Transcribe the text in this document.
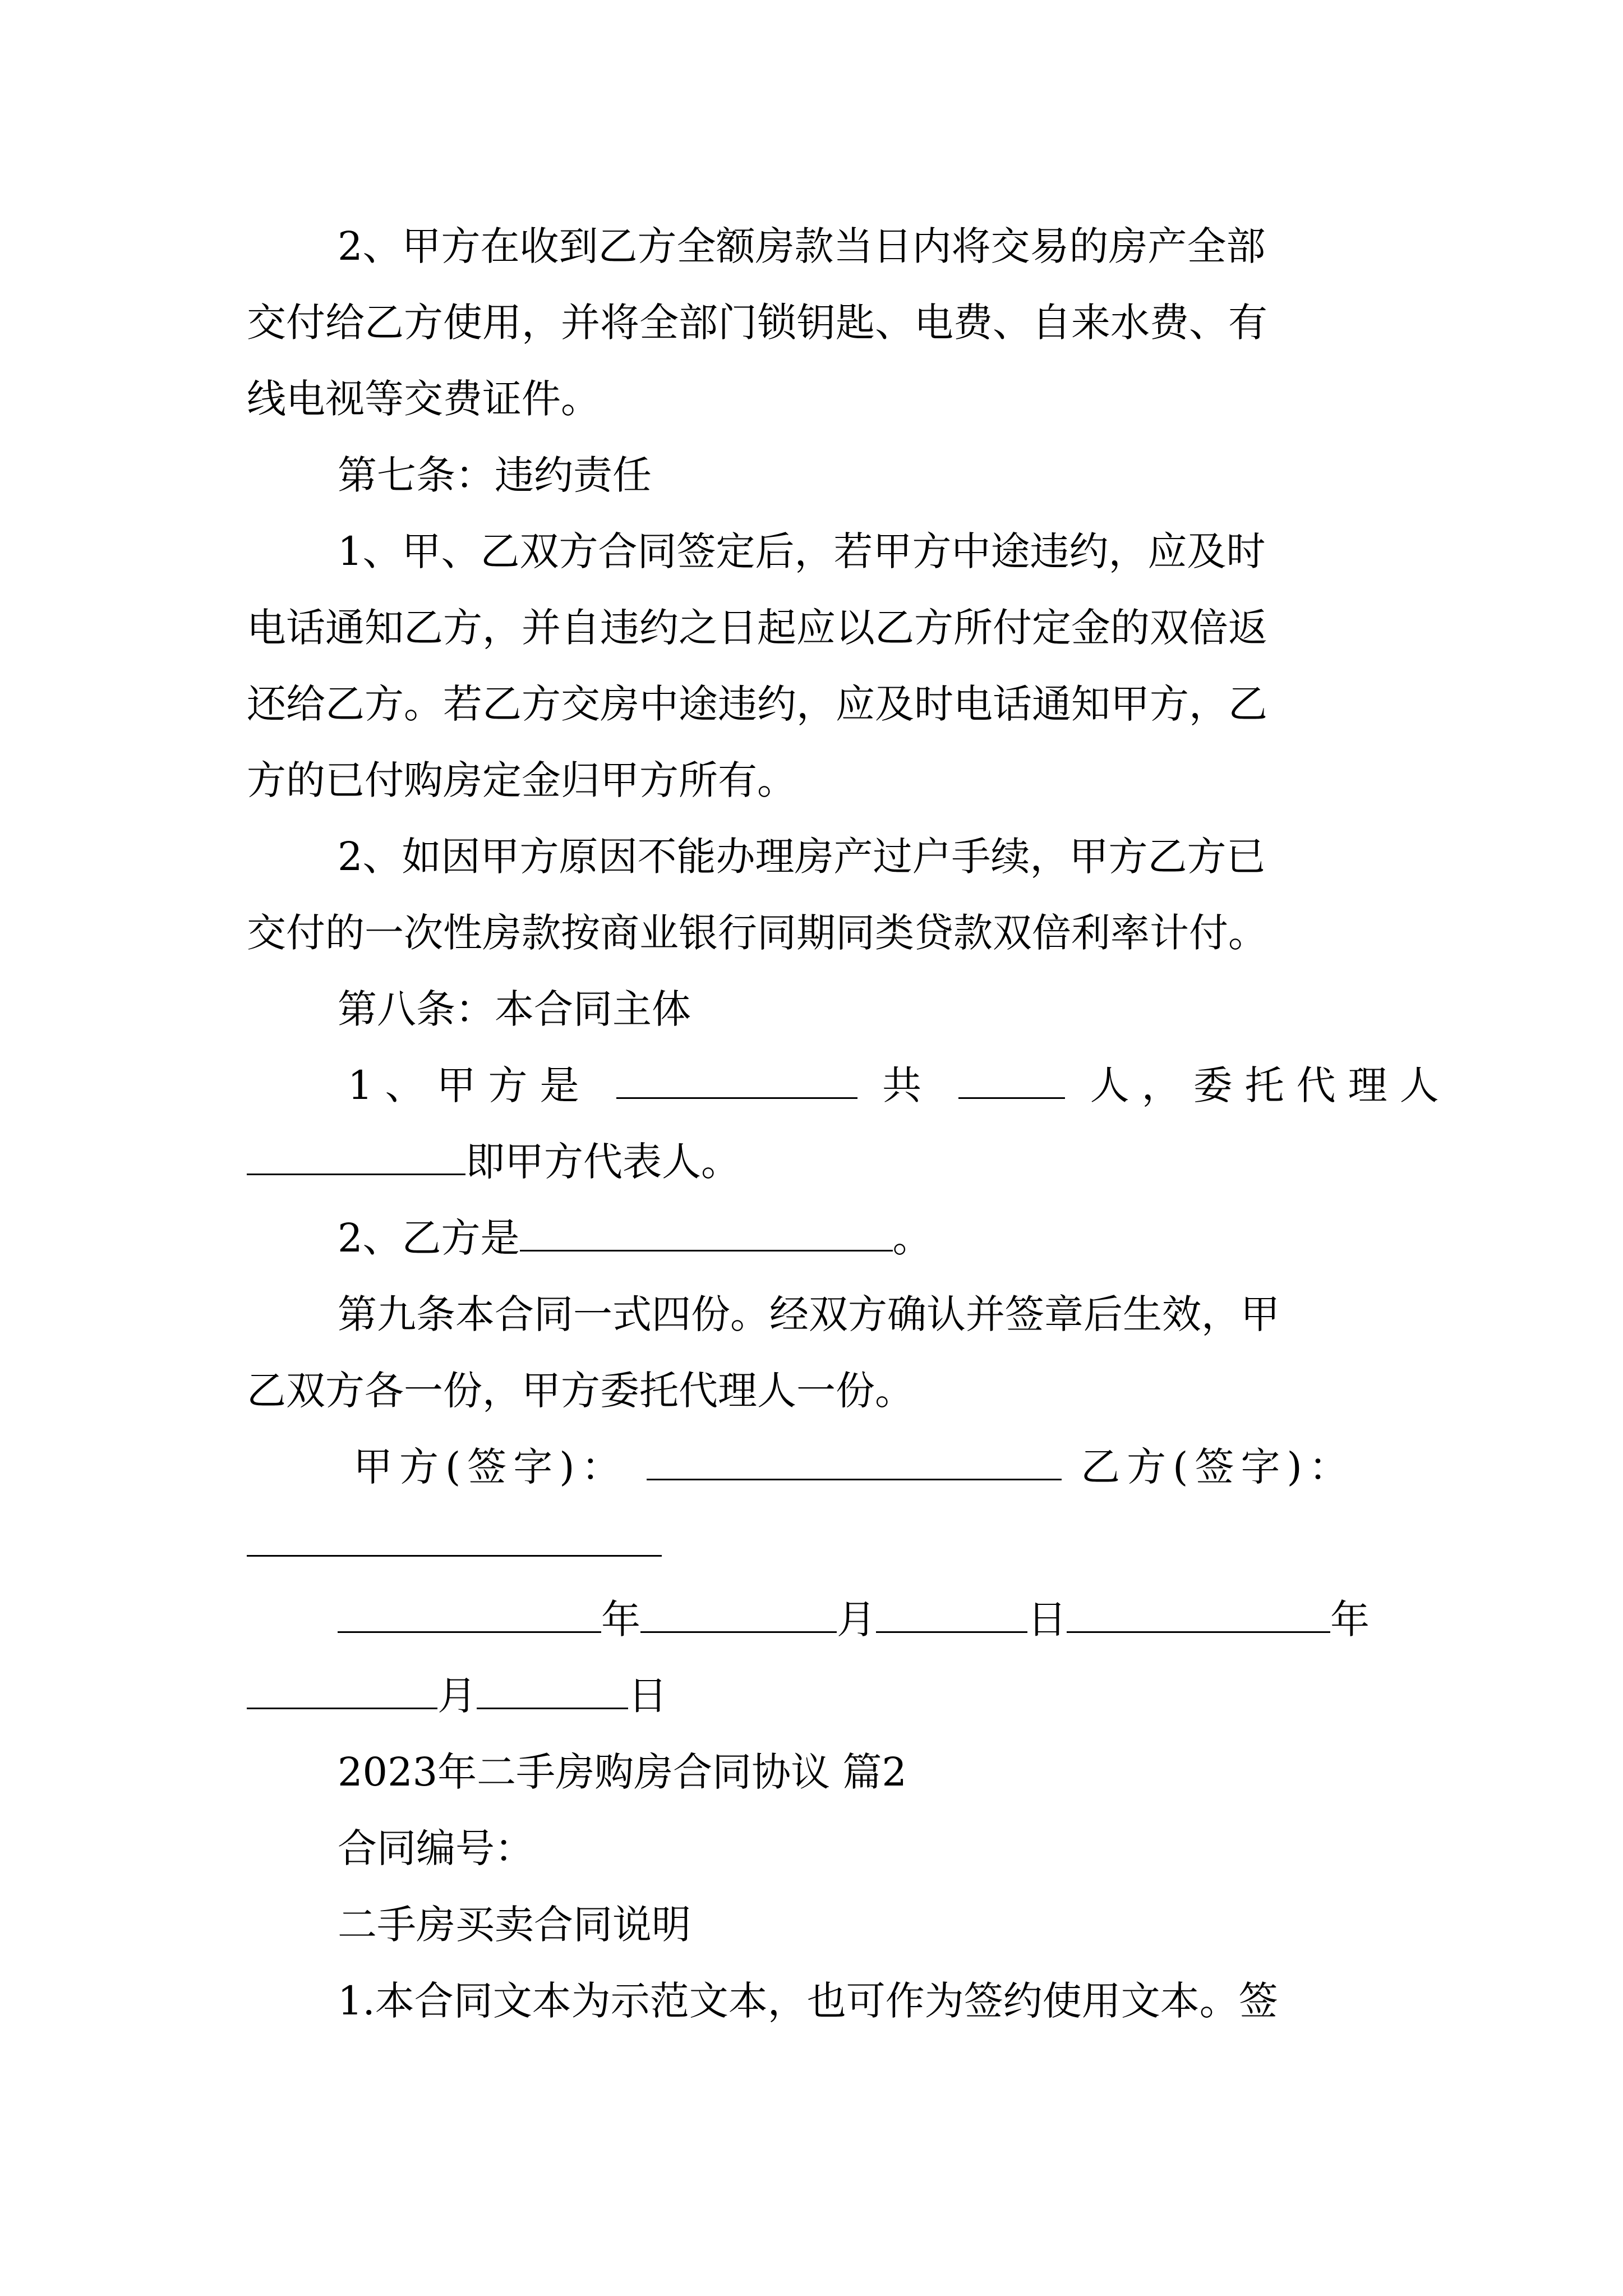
2、甲方在收到乙方全额房款当日内将交易的房产全部
交付给乙方使用，并将全部门锁钥匙、电费、自来水费、有
线电视等交费证件。
第七条：违约责任
1、甲、乙双方合同签定后，若甲方中途违约，应及时
电话通知乙方，并自违约之日起应以乙方所付定金的双倍返
还给乙方。若乙方交房中途违约，应及时电话通知甲方，乙
方的已付购房定金归甲方所有。
2、如因甲方原因不能办理房产过户手续，甲方乙方已
交付的一次性房款按商业银行同期同类贷款双倍利率计付。
第八条：本合同主体
1、甲方是	共	人，委托代理人
即甲方代表人。
2、乙方是	。
第九条本合同一式四份。经双方确认并签章后生效，甲
乙双方各一份，甲方委托代理人一份。
甲方(签字)：	乙方(签字)：
年	月	日	年
月	日
2023年二手房购房合同协议 篇2
合同编号：
二手房买卖合同说明
1.本合同文本为示范文本，也可作为签约使用文本。签
